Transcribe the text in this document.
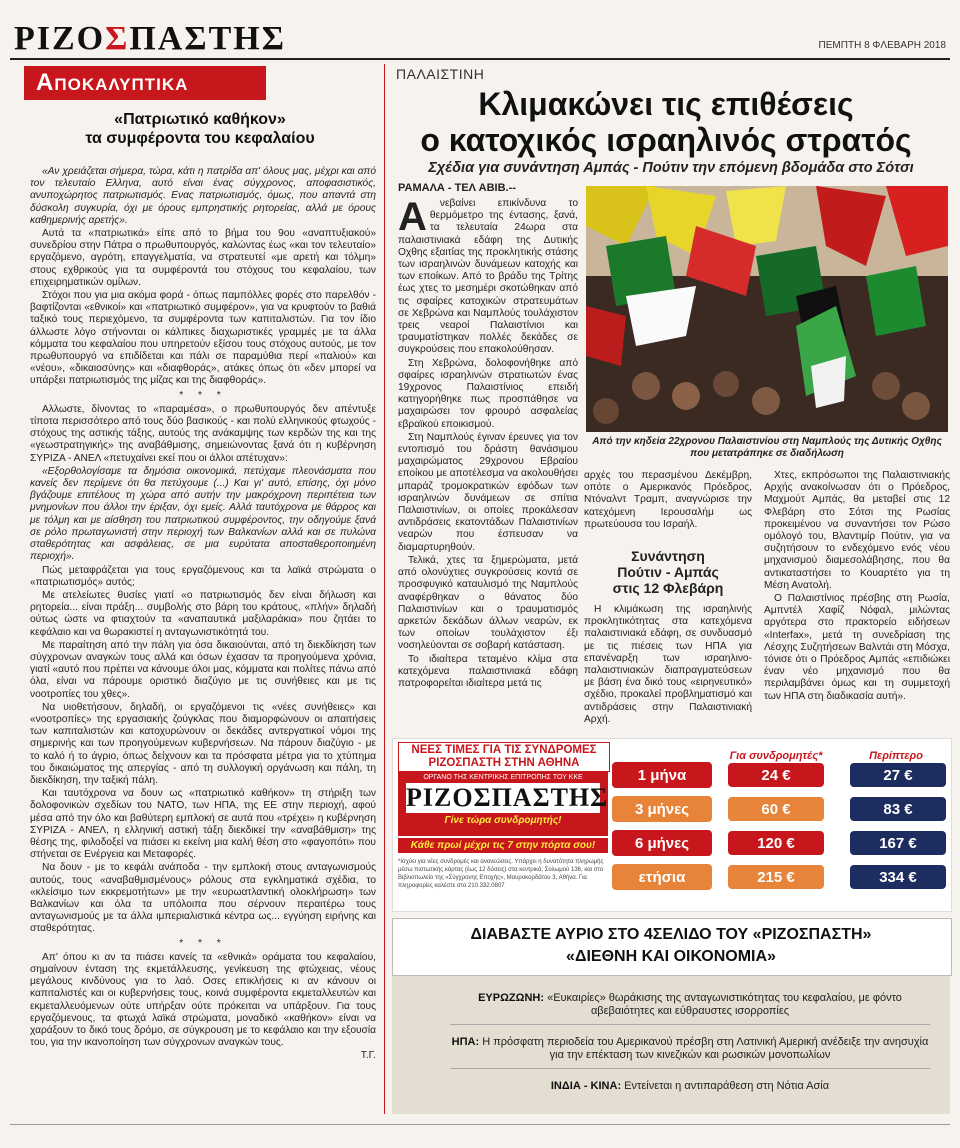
ΡΙΖΟΣΠΑΣΤΗΣ	ΠΕΜΠΤΗ 8 ΦΛΕΒΑΡΗ 2018
Αποκαλυπτικα
«Πατριωτικό καθήκον»
τα συμφέροντα του κεφαλαίου

«Αν χρειάζεται σήμερα, τώρα, κάτι η πατρίδα απ' όλους μας, μέχρι και από τον τελευταίο Ελληνα, αυτό είναι ένας σύγχρονος, αποφασιστικός, ανυποχώρητος πατριωτισμός. Ενας πατριωτισμός, όμως, που απαντά στη δύσκολη συγκυρία, όχι με όρους εμπρηστικής ρητορείας, αλλά με όρους καθημερινής αρετής».

Αυτά τα «πατριωτικά» είπε από το βήμα του 9ου «αναπτυξιακού» συνεδρίου στην Πάτρα ο πρωθυπουργός, καλώντας έως «και τον τελευταίο» εργαζόμενο, αγρότη, επαγγελματία, να στρατευτεί «με αρετή και τόλμη» στους εχθρικούς για τα συμφέροντά του στόχους του κεφαλαίου, των επιχειρηματικών ομίλων.

Στόχοι που για μια ακόμα φορά - όπως παμπόλλες φορές στο παρελθόν - βαφτίζονται «εθνικοί» και «πατριωτικό συμφέρον», για να κρυφτούν το βαθιά ταξικό τους περιεχόμενο, τα συμφέροντα των καπιταλιστών. Για τον ίδιο άλλωστε λόγο στήνονται οι κάλπικες διαχωριστικές γραμμές με τα άλλα κόμματα του κεφαλαίου που υπηρετούν εξίσου τους στόχους αυτούς, με τον πρωθυπουργό να επιδίδεται και πάλι σε παραμύθια περί «παλιού» και «νέου», «δικαιοσύνης» και «διαφθοράς», ατάκες όπως ότι «δεν μπορεί να υπάρξει πατριωτισμός της μίζας και της διαφθοράς».

* * *

Αλλωστε, δίνοντας το «παραμέσα», ο πρωθυπουργός δεν απέντυξε τίποτα περισσότερο από τους δύο βασικούς - και πολύ ελληνικούς φτωχούς - στόχους της αστικής τάξης, αυτούς της ανάκαμψης των κερδών της και της «γεωστρατηγικής» της αναβάθμισης, σημειώνοντας ξανά ότι η κυβέρνηση ΣΥΡΙΖΑ - ΑΝΕΛ «πετυχαίνει εκεί που οι άλλοι απέτυχαν»:

«Εξορθολογίσαμε τα δημόσια οικονομικά, πετύχαμε πλεονάσματα που κανείς δεν περίμενε ότι θα πετύχουμε (...) Και γι' αυτό, επίσης, όχι μόνο βγάζουμε επιτέλους τη χώρα από αυτήν την μακρόχρονη περιπέτεια των μνημονίων που άλλοι την έριξαν, όχι εμείς. Αλλά ταυτόχρονα με θάρρος και με τόλμη και με αίσθηση του πατριωτικού συμφέροντος, την οδηγούμε ξανά σε ρόλο πρωταγωνιστή στην περιοχή των Βαλκανίων αλλά και σε πυλώνα σταθερότητας και ασφάλειας, σε μια ευρύτατα αποσταθεροποιημένη περιοχή».

Πώς μεταφράζεται για τους εργαζόμενους και τα λαϊκά στρώματα ο «πατριωτισμός» αυτός;

Με ατελείωτες θυσίες γιατί «ο πατριωτισμός δεν είναι δήλωση και ρητορεία... είναι πράξη... συμβολής στο βάρη του κράτους, «πλήν» δηλαδή ούτως ώστε να φτιαχτούν τα «αναπαυτικά μαξιλαράκια» που ζητάει το κεφάλαιο και να θωρακιστεί η ανταγωνιστικότητά του.

Με παραίτηση από την πάλη για όσα δικαιούνται, από τη διεκδίκηση των σύγχρονων αναγκών τους αλλά και όσων έχασαν τα προηγούμενα χρόνια, γιατί «αυτό που πρέπει να κάνουμε όλοι μας, κόμματα και πολίτες πάνω από όλα, είναι να πάρουμε οριστικό διαζύγιο με τις συνήθειες και με τις νοοτροπίες του χθες».

Να υιοθετήσουν, δηλαδή, οι εργαζόμενοι τις «νέες συνήθειες» και «νοοτροπίες» της εργασιακής ζούγκλας που διαμορφώνουν οι απαιτήσεις των καπιταλιστών και κατοχυρώνουν οι δεκάδες αντεργατικοί νόμοι της σημερινής και των προηγούμενων κυβερνήσεων. Να πάρουν διαζύγιο - με το καλό ή το άγριο, όπως δείχνουν και τα πρόσφατα μέτρα για το χτύπημα του δικαιώματος της απεργίας - από τη συλλογική οργάνωση και πάλη, τη διεκδίκηση, την ταξική πάλη.

Και ταυτόχρονα να δουν ως «πατριωτικό καθήκον» τη στήριξη των δολοφονικών σχεδίων του ΝΑΤΟ, των ΗΠΑ, της ΕΕ στην περιοχή, αφού μέσα από την όλο και βαθύτερη εμπλοκή σε αυτά που «τρέχει» η κυβέρνηση ΣΥΡΙΖΑ - ΑΝΕΛ, η ελληνική αστική τάξη διεκδικεί την «αναβάθμιση» της θέσης της, φιλοδοξεί να πιάσει κι εκείνη μια καλή θέση στο «φαγοπότι» που στήνεται σε Ενέργεια και Μεταφορές.

Να δουν - με το κεφάλι ανάποδα - την εμπλοκή στους ανταγωνισμούς αυτούς, τους «αναβαθμισμένους» ρόλους στα εγκληματικά σχέδια, το «κλείσιμο των εκκρεμοτήτων» με την «ευρωατλαντική ολοκλήρωση» των Βαλκανίων και όλα τα υπόλοιπα που σέρνουν περαιτέρω τους ανταγωνισμούς με τα άλλα ιμπεριαλιστικά κέντρα ως... εγγύηση ειρήνης και σταθερότητας.

* * *

Απ' όπου κι αν τα πιάσει κανείς τα «εθνικά» οράματα του κεφαλαίου, σημαίνουν ένταση της εκμετάλλευσης, γενίκευση της φτώχειας, νέους μεγάλους κινδύνους για το λαό. Οσες επικλήσεις κι αν κάνουν οι καπιταλιστές και οι κυβερνήσεις τους, κοινά συμφέροντα εκμεταλλευτών και εκμεταλλευόμενων ούτε υπήρξαν ούτε πρόκειται να υπάρξουν. Για τους εργαζόμενους, τα φτωχά λαϊκά στρώματα, μοναδικό «καθήκον» είναι να χαράξουν το δικό τους δρόμο, σε σύγκρουση με το κεφάλαιο και την εξουσία του, για την ικανοποίηση των σύγχρονων αναγκών τους.

Τ.Γ.

ΠΑΛΑΙΣΤΙΝΗ
Κλιμακώνει τις επιθέσεις
ο κατοχικός ισραηλινός στρατός
Σχέδια για συνάντηση Αμπάς - Πούτιν την επόμενη βδομάδα στο Σότσι
ΡΑΜΑΛΑ - ΤΕΛ ΑΒΙΒ.--

Α νεβαίνει επικίνδυνα το θερμόμετρο της έντασης, ξανά, τα τελευταία 24ωρα στα παλαιστινιακά εδάφη της Δυτικής Οχθης εξαιτίας της προκλητικής στάσης των ισραηλινών δυνάμεων κατοχής και των εποίκων. Από το βράδυ της Τρίτης έως χτες το μεσημέρι σκοτώθηκαν από τις σφαίρες κατοχικών στρατευμάτων σε Χεβρώνα και Ναμπλούς τουλάχιστον τρεις νεαροί Παλαιστίνιοι και τραυματίστηκαν πολλές δεκάδες σε συγκρούσεις που επακολούθησαν.

Στη Χεβρώνα, δολοφονήθηκε από σφαίρες ισραηλινών στρατιωτών ένας 19χρονος Παλαιστίνιος επειδή κατηγορήθηκε πως προσπάθησε να μαχαιρώσει τον φρουρό ασφαλείας εβραϊκού εποικισμού.

Στη Ναμπλούς έγιναν έρευνες για τον εντοπισμό του δράστη θανάσιμου μαχαιρώματος 29χρονου Εβραίου εποίκου με αποτέλεσμα να ακολουθήσει μπαράζ τρομοκρατικών εφόδων των ισραηλινών δυνάμεων σε σπίτια Παλαιστινίων, οι οποίες προκάλεσαν αντιδράσεις εκατοντάδων Παλαιστινίων νεαρών που έσπευσαν να διαμαρτυρηθούν.

Τελικά, χτες τα ξημερώματα, μετά από ολονύχτιες συγκρούσεις κοντά σε προσφυγικό καταυλισμό της Ναμπλούς αναφέρθηκαν ο θάνατος δύο Παλαιστινίων και ο τραυματισμός αρκετών δεκάδων άλλων νεαρών, εκ των οποίων τουλάχιστον έξι νοσηλεύονται σε σοβαρή κατάσταση.

Το ιδιαίτερα τεταμένο κλίμα στα κατεχόμενα παλαιστινιακά εδάφη πατροφορείται ιδιαίτερα μετά τις

Από την κηδεία 22χρονου Παλαιστινίου στη Ναμπλούς της Δυτικής Οχθης που μετατράπηκε σε διαδήλωση

αρχές του περασμένου Δεκέμβρη, οπότε ο Αμερικανός Πρόεδρος, Ντόναλντ Τραμπ, αναγνώρισε την κατεχόμενη Ιερουσαλήμ ως πρωτεύουσα του Ισραήλ.

Συνάντηση
Πούτιν - Αμπάς
στις 12 Φλεβάρη

Η κλιμάκωση της ισραηλινής προκλητικότητας στα κατεχόμενα παλαιστινιακά εδάφη, σε συνδυασμό με τις πιέσεις των ΗΠΑ για επανέναρξη των ισραηλινο-παλαιστινιακών διαπραγματεύσεων με βάση ένα δικό τους «ειρηνευτικό» σχέδιο, προκαλεί προβληματισμό και αντιδράσεις στην Παλαιστινιακή Αρχή.

Χτες, εκπρόσωποι της Παλαιστινιακής Αρχής ανακοίνωσαν ότι ο Πρόεδρος, Μαχμούτ Αμπάς, θα μεταβεί στις 12 Φλεβάρη στο Σότσι της Ρωσίας προκειμένου να συναντήσει τον Ρώσο ομόλογό του, Βλαντιμίρ Πούτιν, για να συζητήσουν το ενδεχόμενο ενός νέου μηχανισμού διαμεσολάβησης, που θα αντικαταστήσει το Κουαρτέτο για τη Μέση Ανατολή.

Ο Παλαιστίνιος πρέσβης στη Ρωσία, Αμπντέλ Χαφίζ Νόφαλ, μιλώντας αργότερα στο πρακτορείο ειδήσεων «Interfax», μετά τη συνεδρίαση της Λέσχης Συζητήσεων Βαλντάι στη Μόσχα, τόνισε ότι ο Πρόεδρος Αμπάς «επιδιώκει έναν νέο μηχανισμό που θα περιλαμβάνει όμως και τη συμμετοχή των ΗΠΑ στη διαδικασία αυτή».

ΝΕΕΣ ΤΙΜΕΣ ΓΙΑ ΤΙΣ ΣΥΝΔΡΟΜΕΣ
ΡΙΖΟΣΠΑΣΤΗ ΣΤΗΝ ΑΘΗΝΑ
ΟΡΓΑΝΟ ΤΗΣ ΚΕΝΤΡΙΚΗΣ ΕΠΙΤΡΟΠΗΣ ΤΟΥ ΚΚΕ
ΡΙΖΟΣΠΑΣΤΗΣ
Γίνε τώρα συνδρομητής!
Κάθε πρωί μέχρι τις 7 στην πόρτα σου!
*Ισχύει για νέες συνδρομές και ανανεώσεις. Υπάρχει η δυνατότητα πληρωμής μέσω πιστωτικής κάρτας (έως 12 δόσεις) στα κεντρικά, Σολωμού 136, και στο Βιβλιοπωλείο της «Σύγχρονης Εποχής», Μαυροκορδάτου 3, Αθήνα. Για πληροφορίες καλέστε στο 210.332.0807
Για συνδρομητές*	Περίπτερο
1 μήνα	24 €	27 €
3 μήνες	60 €	83 €
6 μήνες	120 €	167 €
ετήσια	215 €	334 €
ΔΙΑΒΑΣΤΕ ΑΥΡΙΟ ΣΤΟ 4ΣΕΛΙΔΟ ΤΟΥ «ΡΙΖΟΣΠΑΣΤΗ»
«ΔΙΕΘΝΗ ΚΑΙ ΟΙΚΟΝΟΜΙΑ»
ΕΥΡΩΖΩΝΗ: «Ευκαιρίες» θωράκισης της ανταγωνιστικότητας του κεφαλαίου, με φόντο αβεβαιότητες και εύθραυστες ισορροπίες
ΗΠΑ: Η πρόσφατη περιοδεία του Αμερικανού πρέσβη στη Λατινική Αμερική ανέδειξε την ανησυχία για την επέκταση των κινεζικών και ρωσικών μονοπωλίων
ΙΝΔΙΑ - ΚΙΝΑ: Εντείνεται η αντιπαράθεση στη Νότια Ασία
